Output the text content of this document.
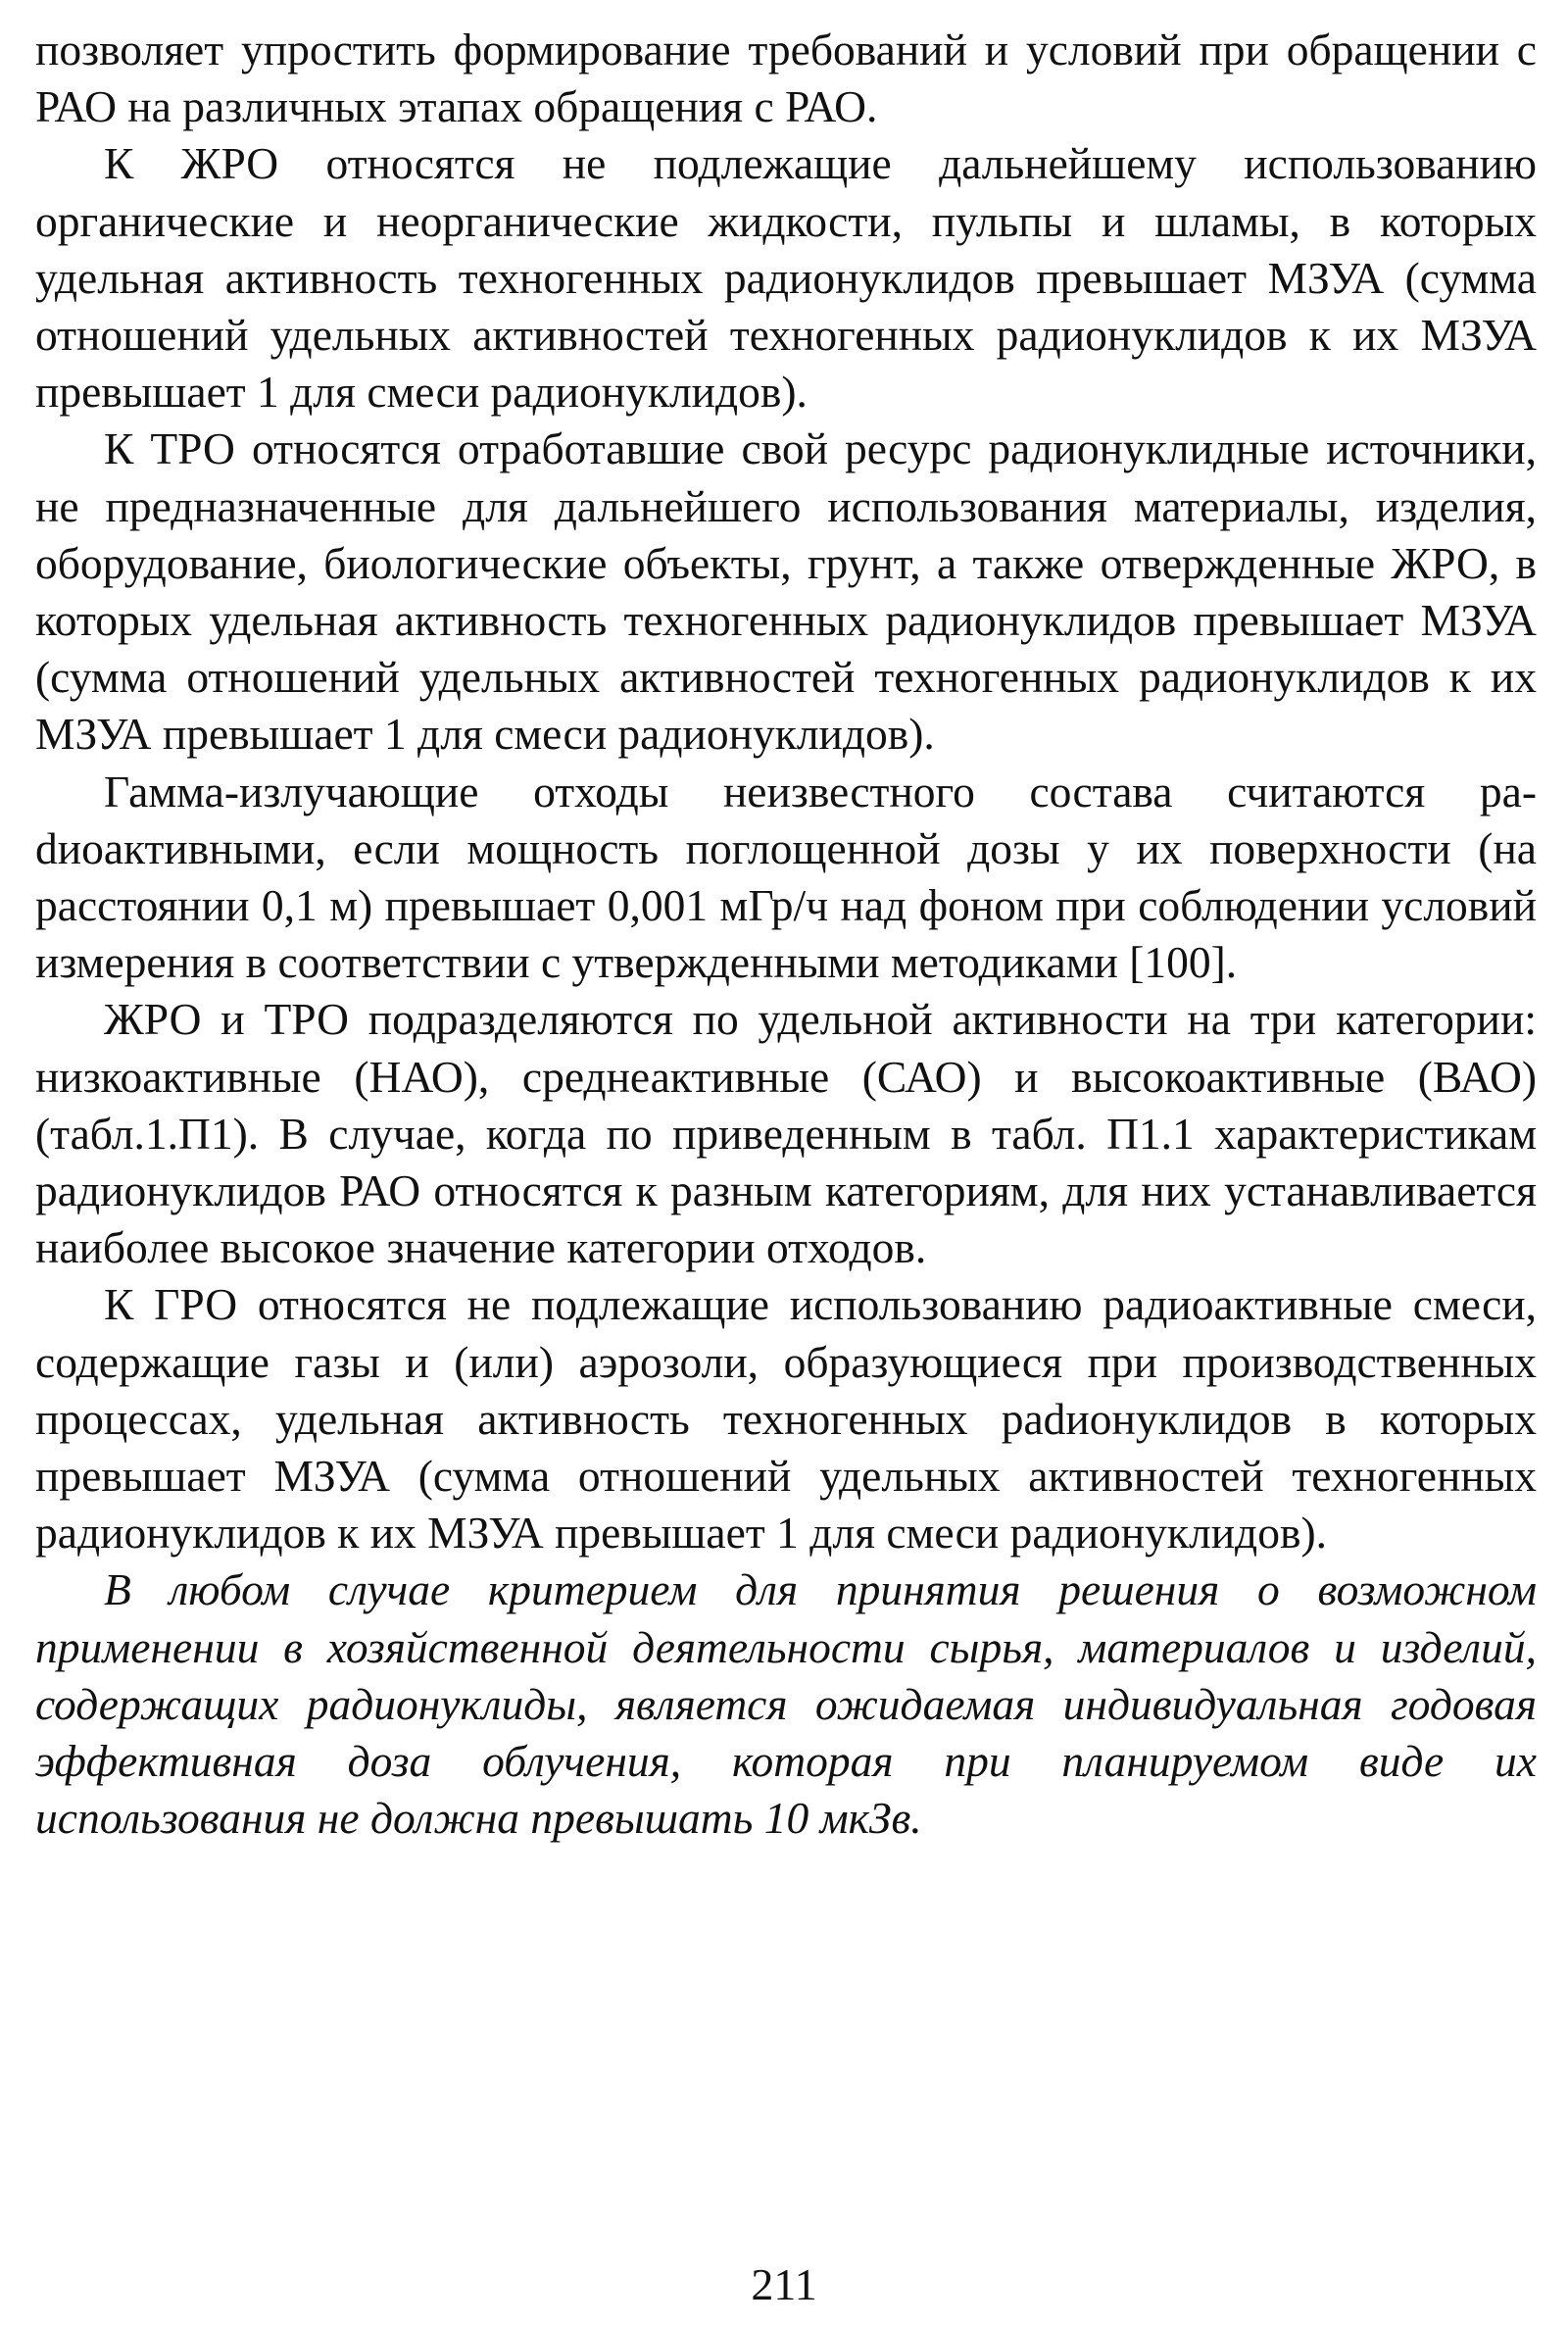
позволяет упростить формирование требований и условий при обращении с РАО на различных этапах обращения с РАО.

К ЖРО относятся не подлежащие дальнейшему использованию органические и неорганические жидкости, пульпы и шламы, в которых удельная активность техногенных радионуклидов превышает МЗУА (сумма отношений удельных активностей техногенных радионуклидов к их МЗУА превышает 1 для смеси радионуклидов).

К ТРО относятся отработавшие свой ресурс радионуклидные источники, не предназначенные для дальнейшего использования материалы, изделия, оборудование, биологические объекты, грунт, а также отвержденные ЖРО, в которых удельная активность техногенных радионуклидов превышает МЗУА (сумма отношений удельных активностей техногенных радионуклидов к их МЗУА превышает 1 для смеси радионуклидов).

Гамма-излучающие отходы неизвестного состава считаются раdиоактивными, если мощность поглощенной дозы у их поверхности (на расстоянии 0,1 м) превышает 0,001 мГр/ч над фоном при соблюдении условий измерения в соответствии с утвержденными методиками [100].

ЖРО и ТРО подразделяются по удельной активности на три категории: низкоактивные (НАО), среднеактивные (САО) и высокоактивные (ВАО) (табл.1.П1). В случае, когда по приведенным в табл. П1.1 характеристикам радионуклидов РАО относятся к разным категориям, для них устанавливается наиболее высокое значение категории отходов.

К ГРО относятся не подлежащие использованию радиоактивные смеси, содержащие газы и (или) аэрозоли, образующиеся при производственных процессах, удельная активность техногенных раdионуклидов в которых превышает МЗУА (сумма отношений удельных активностей техногенных радионуклидов к их МЗУА превышает 1 для смеси радионуклидов).

В любом случае критерием для принятия решения о возможном применении в хозяйственной деятельности сырья, материалов и изделий, содержащих радионуклиды, является ожидаемая индивидуальная годовая эффективная доза облучения, которая при планируемом виде их использования не должна превышать 10 мкЗв.

211
